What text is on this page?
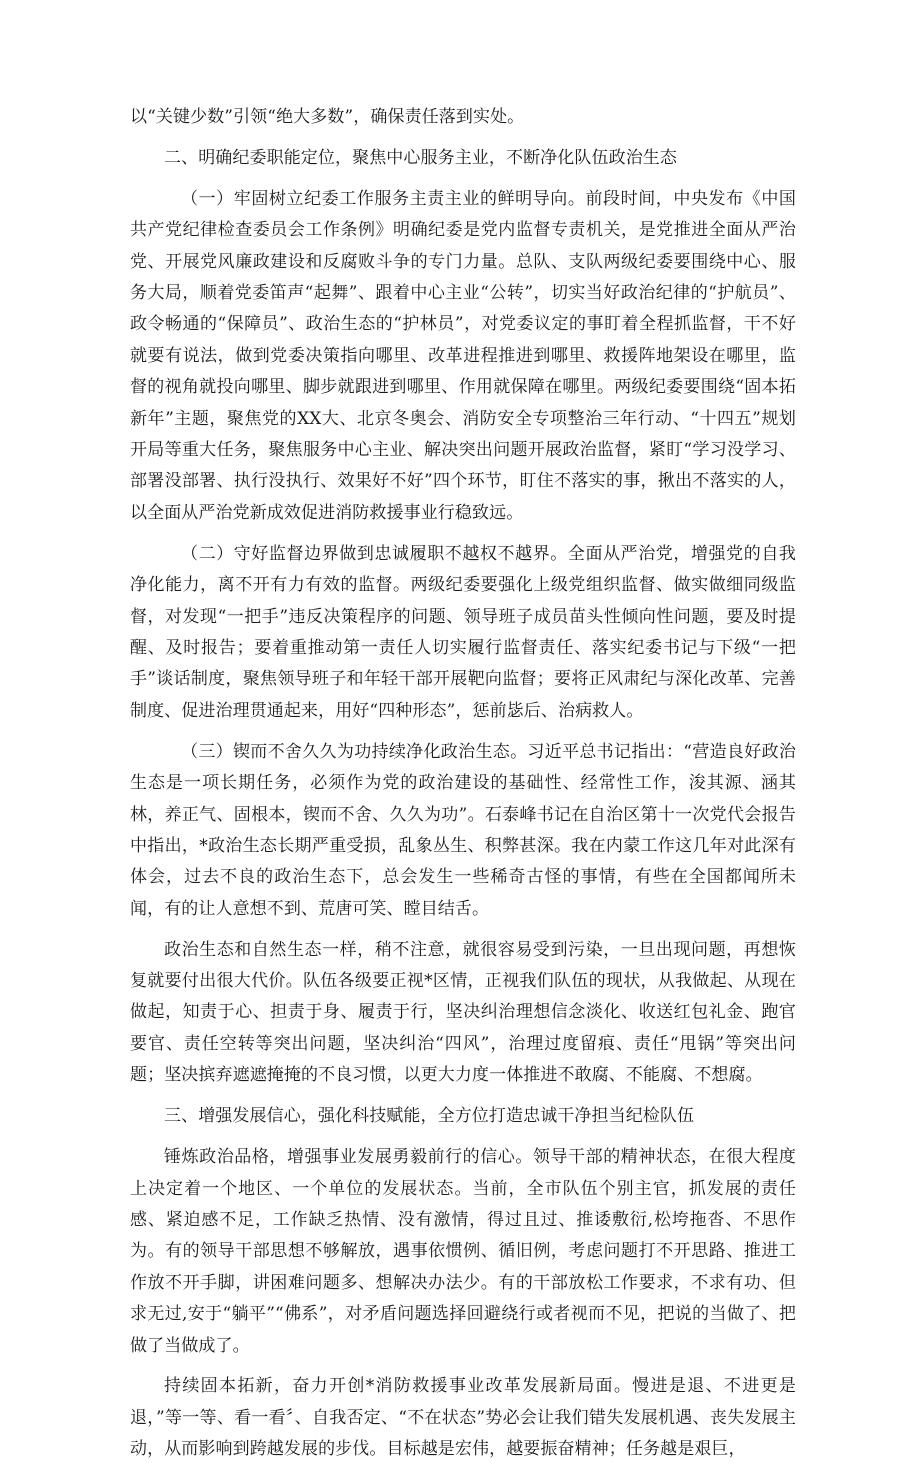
以“关键少数”引领“绝大多数”，确保责任落到实处。

二、明确纪委职能定位，聚焦中心服务主业，不断净化队伍政治生态

（一）牢固树立纪委工作服务主责主业的鲜明导向。前段时间，中央发布《中国共产党纪律检查委员会工作条例》明确纪委是党内监督专责机关，是党推进全面从严治党、开展党风廉政建设和反腐败斗争的专门力量。总队、支队两级纪委要围绕中心、服务大局，顺着党委笛声“起舞”、跟着中心主业“公转”，切实当好政治纪律的“护航员”、政令畅通的“保障员”、政治生态的“护林员”，对党委议定的事盯着全程抓监督，干不好就要有说法，做到党委决策指向哪里、改革进程推进到哪里、救援阵地架设在哪里，监督的视角就投向哪里、脚步就跟进到哪里、作用就保障在哪里。两级纪委要围绕“固本拓新年”主题，聚焦党的XX大、北京冬奥会、消防安全专项整治三年行动、“十四五”规划开局等重大任务，聚焦服务中心主业、解决突出问题开展政治监督，紧盯“学习没学习、部署没部署、执行没执行、效果好不好”四个环节，盯住不落实的事，揪出不落实的人，以全面从严治党新成效促进消防救援事业行稳致远。

（二）守好监督边界做到忠诚履职不越权不越界。全面从严治党，增强党的自我净化能力，离不开有力有效的监督。两级纪委要强化上级党组织监督、做实做细同级监督，对发现“一把手”违反决策程序的问题、领导班子成员苗头性倾向性问题，要及时提醒、及时报告；要着重推动第一责任人切实履行监督责任、落实纪委书记与下级“一把手”谈话制度，聚焦领导班子和年轻干部开展靶向监督；要将正风肃纪与深化改革、完善制度、促进治理贯通起来，用好“四种形态”，惩前毖后、治病救人。

（三）锲而不舍久久为功持续净化政治生态。习近平总书记指出：“营造良好政治生态是一项长期任务，必须作为党的政治建设的基础性、经常性工作，浚其源、涵其林，养正气、固根本，锲而不舍、久久为功”。石泰峰书记在自治区第十一次党代会报告中指出，*政治生态长期严重受损，乱象丛生、积弊甚深。我在内蒙工作这几年对此深有体会，过去不良的政治生态下，总会发生一些稀奇古怪的事情，有些在全国都闻所未闻，有的让人意想不到、荒唐可笑、瞠目结舌。

政治生态和自然生态一样，稍不注意，就很容易受到污染，一旦出现问题，再想恢复就要付出很大代价。队伍各级要正视*区情，正视我们队伍的现状，从我做起、从现在做起，知责于心、担责于身、履责于行，坚决纠治理想信念淡化、收送红包礼金、跑官要官、责任空转等突出问题，坚决纠治“四风”，治理过度留痕、责任“甩锅”等突出问题；坚决摈弃遮遮掩掩的不良习惯，以更大力度一体推进不敢腐、不能腐、不想腐。

三、增强发展信心，强化科技赋能，全方位打造忠诚干净担当纪检队伍

锤炼政治品格，增强事业发展勇毅前行的信心。领导干部的精神状态，在很大程度上决定着一个地区、一个单位的发展状态。当前，全市队伍个别主官，抓发展的责任感、紧迫感不足，工作缺乏热情、没有激情，得过且过、推诿敷衍,松垮拖沓、不思作为。有的领导干部思想不够解放，遇事依惯例、循旧例，考虑问题打不开思路、推进工作放不开手脚，讲困难问题多、想解决办法少。有的干部放松工作要求，不求有功、但求无过,安于“躺平”“佛系”，对矛盾问题选择回避绕行或者视而不见，把说的当做了、把做了当做成了。

持续固本拓新，奋力开创*消防救援事业改革发展新局面。慢进是退、不进更是退，”等一等、看一看〞、自我否定、“不在状态”势必会让我们错失发展机遇、丧失发展主动，从而影响到跨越发展的步伐。目标越是宏伟，越要振奋精神；任务越是艰巨，
